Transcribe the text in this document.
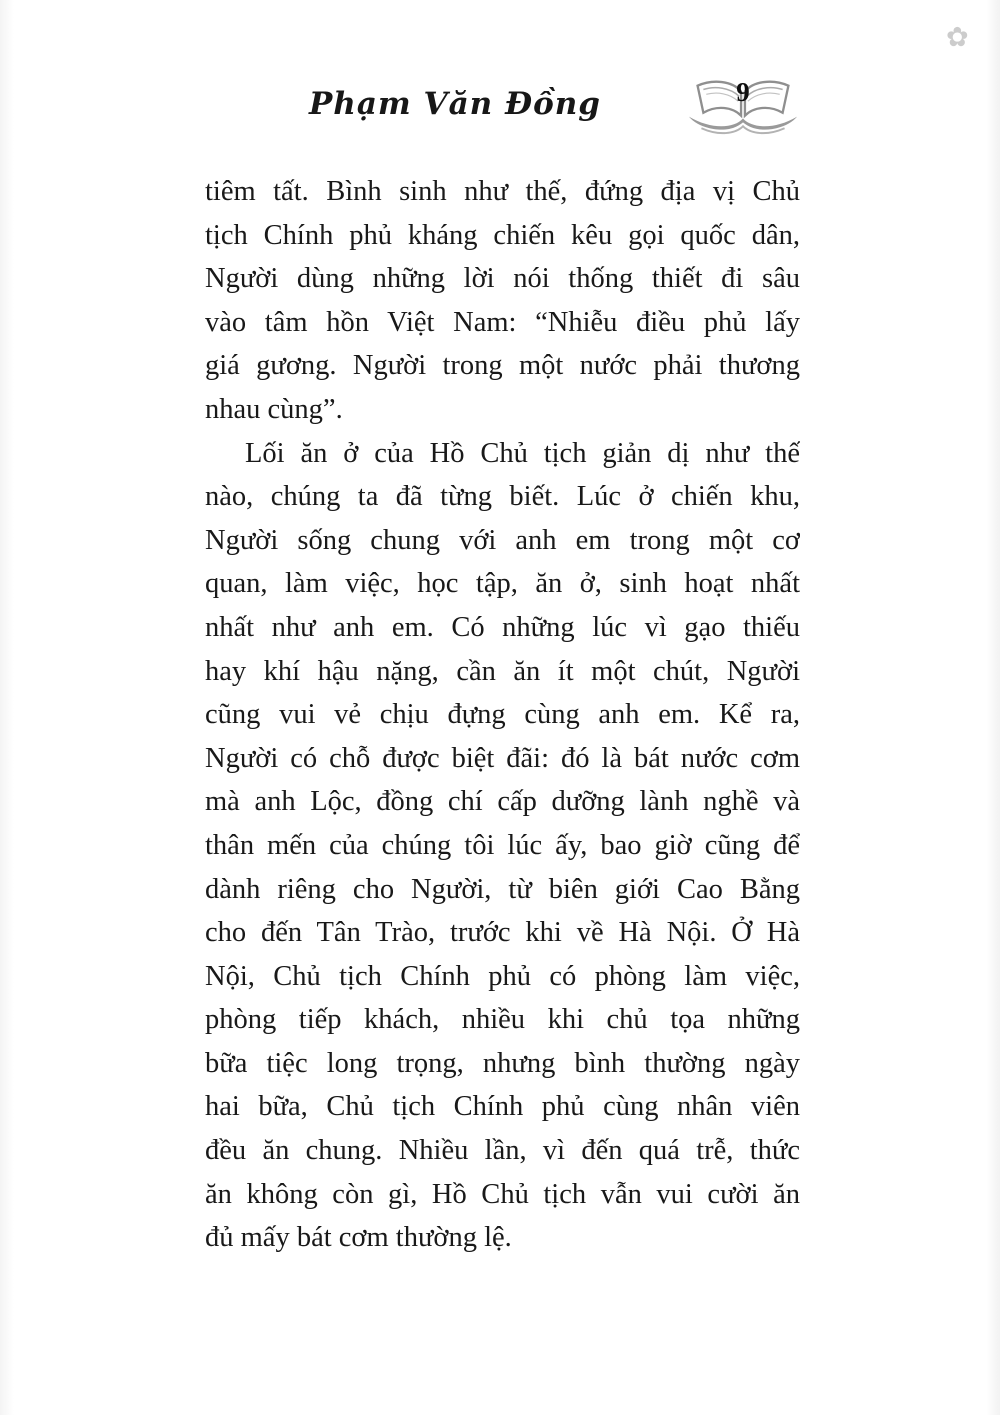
✿
Phạm Văn Đồng	9
tiêm tất. Bình sinh như thế, đứng địa vị Chủ
tịch Chính phủ kháng chiến kêu gọi quốc dân,
Người dùng những lời nói thống thiết đi sâu
vào tâm hồn Việt Nam: “Nhiễu điều phủ lấy
giá gương. Người trong một nước phải thương
nhau cùng”.
Lối ăn ở của Hồ Chủ tịch giản dị như thế
nào, chúng ta đã từng biết. Lúc ở chiến khu,
Người sống chung với anh em trong một cơ
quan, làm việc, học tập, ăn ở, sinh hoạt nhất
nhất như anh em. Có những lúc vì gạo thiếu
hay khí hậu nặng, cần ăn ít một chút, Người
cũng vui vẻ chịu đựng cùng anh em. Kể ra,
Người có chỗ được biệt đãi: đó là bát nước cơm
mà anh Lộc, đồng chí cấp dưỡng lành nghề và
thân mến của chúng tôi lúc ấy, bao giờ cũng để
dành riêng cho Người, từ biên giới Cao Bằng
cho đến Tân Trào, trước khi về Hà Nội. Ở Hà
Nội, Chủ tịch Chính phủ có phòng làm việc,
phòng tiếp khách, nhiều khi chủ tọa những
bữa tiệc long trọng, nhưng bình thường ngày
hai bữa, Chủ tịch Chính phủ cùng nhân viên
đều ăn chung. Nhiều lần, vì đến quá trễ, thức
ăn không còn gì, Hồ Chủ tịch vẫn vui cười ăn
đủ mấy bát cơm thường lệ.
